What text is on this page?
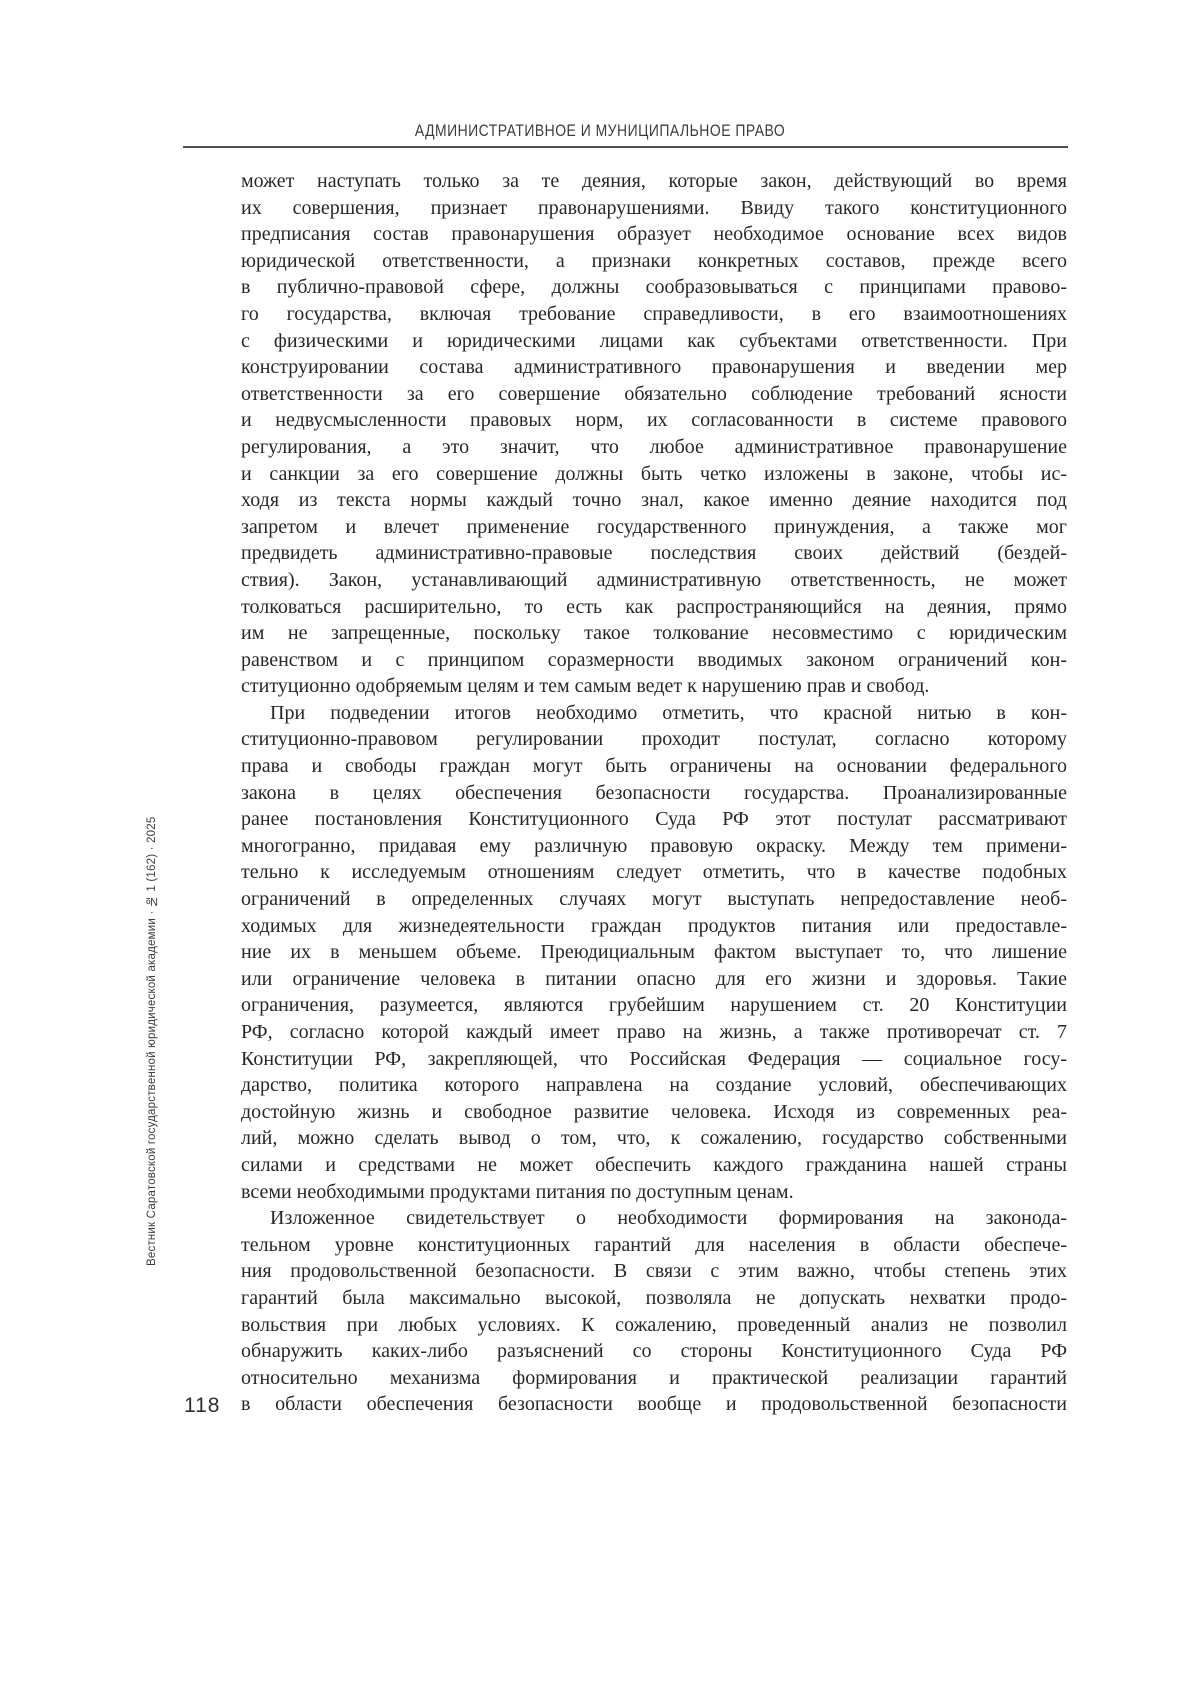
АДМИНИСТРАТИВНОЕ И МУНИЦИПАЛЬНОЕ ПРАВО
Вестник Саратовской государственной юридической академии · № 1 (162) · 2025
118
может наступать только за те деяния, которые закон, действующий во время
их совершения, признает правонарушениями. Ввиду такого конституционного
предписания состав правонарушения образует необходимое основание всех видов
юридической ответственности, а признаки конкретных составов, прежде всего
в публично-правовой сфере, должны сообразовываться с принципами правово-
го государства, включая требование справедливости, в его взаимоотношениях
с физическими и юридическими лицами как субъектами ответственности. При
конструировании состава административного правонарушения и введении мер
ответственности за его совершение обязательно соблюдение требований ясности
и недвусмысленности правовых норм, их согласованности в системе правового
регулирования, а это значит, что любое административное правонарушение
и санкции за его совершение должны быть четко изложены в законе, чтобы ис-
ходя из текста нормы каждый точно знал, какое именно деяние находится под
запретом и влечет применение государственного принуждения, а также мог
предвидеть административно-правовые последствия своих действий (бездей-
ствия). Закон, устанавливающий административную ответственность, не может
толковаться расширительно, то есть как распространяющийся на деяния, прямо
им не запрещенные, поскольку такое толкование несовместимо с юридическим
равенством и с принципом соразмерности вводимых законом ограничений кон-
ституционно одобряемым целям и тем самым ведет к нарушению прав и свобод.
При подведении итогов необходимо отметить, что красной нитью в кон-
ституционно-правовом регулировании проходит постулат, согласно которому
права и свободы граждан могут быть ограничены на основании федерального
закона в целях обеспечения безопасности государства. Проанализированные
ранее постановления Конституционного Суда РФ этот постулат рассматривают
многогранно, придавая ему различную правовую окраску. Между тем примени-
тельно к исследуемым отношениям следует отметить, что в качестве подобных
ограничений в определенных случаях могут выступать непредоставление необ-
ходимых для жизнедеятельности граждан продуктов питания или предоставле-
ние их в меньшем объеме. Преюдициальным фактом выступает то, что лишение
или ограничение человека в питании опасно для его жизни и здоровья. Такие
ограничения, разумеется, являются грубейшим нарушением ст. 20 Конституции
РФ, согласно которой каждый имеет право на жизнь, а также противоречат ст. 7
Конституции РФ, закрепляющей, что Российская Федерация — социальное госу-
дарство, политика которого направлена на создание условий, обеспечивающих
достойную жизнь и свободное развитие человека. Исходя из современных реа-
лий, можно сделать вывод о том, что, к сожалению, государство собственными
силами и средствами не может обеспечить каждого гражданина нашей страны
всеми необходимыми продуктами питания по доступным ценам.
Изложенное свидетельствует о необходимости формирования на законода-
тельном уровне конституционных гарантий для населения в области обеспече-
ния продовольственной безопасности. В связи с этим важно, чтобы степень этих
гарантий была максимально высокой, позволяла не допускать нехватки продо-
вольствия при любых условиях. К сожалению, проведенный анализ не позволил
обнаружить каких-либо разъяснений со стороны Конституционного Суда РФ
относительно механизма формирования и практической реализации гарантий
в области обеспечения безопасности вообще и продовольственной безопасности
